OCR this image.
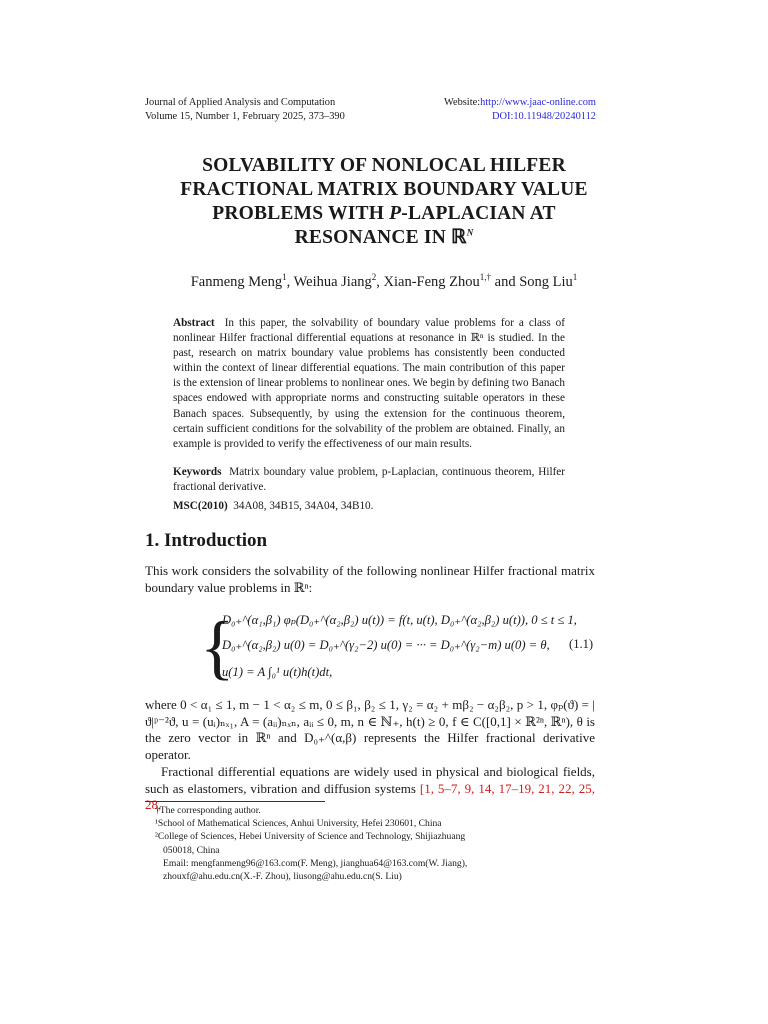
Journal of Applied Analysis and Computation
Volume 15, Number 1, February 2025, 373–390
Website:http://www.jaac-online.com
DOI:10.11948/20240112
SOLVABILITY OF NONLOCAL HILFER
FRACTIONAL MATRIX BOUNDARY VALUE
PROBLEMS WITH P-LAPLACIAN AT
RESONANCE IN ℝ$^N$
Fanmeng Meng$^1$, Weihua Jiang$^2$, Xian-Feng Zhou$^{1,\dagger}$ and Song Liu$^1$
Abstract In this paper, the solvability of boundary value problems for a class of nonlinear Hilfer fractional differential equations at resonance in ℝⁿ is studied. In the past, research on matrix boundary value problems has consistently been conducted within the context of linear differential equations. The main contribution of this paper is the extension of linear problems to nonlinear ones. We begin by defining two Banach spaces endowed with appropriate norms and constructing suitable operators in these Banach spaces. Subsequently, by using the extension for the continuous theorem, certain sufficient conditions for the solvability of the problem are obtained. Finally, an example is provided to verify the effectiveness of our main results.
Keywords Matrix boundary value problem, p-Laplacian, continuous theorem, Hilfer fractional derivative.
MSC(2010) 34A08, 34B15, 34A04, 34B10.
1. Introduction
This work considers the solvability of the following nonlinear Hilfer fractional matrix boundary value problems in ℝⁿ:
{
D₀₊^(α₁,β₁) φₚ(D₀₊^(α₂,β₂) u(t)) = f(t, u(t), D₀₊^(α₂,β₂) u(t)), 0 ≤ t ≤ 1,
D₀₊^(α₂,β₂) u(0) = D₀₊^(γ₂−2) u(0) = ··· = D₀₊^(γ₂−m) u(0) = θ,
u(1) = A ∫₀¹ u(t)h(t)dt,
(1.1)
where 0 < α₁ ≤ 1, m − 1 < α₂ ≤ m, 0 ≤ β₁, β₂ ≤ 1, γ₂ = α₂ + mβ₂ − α₂β₂, p > 1, φₚ(ϑ) = |ϑ|ᵖ⁻²ϑ, u = (uᵢ)ₙₓ₁, A = (aᵢᵢ)ₙₓₙ, aᵢᵢ ≤ 0, m, n ∈ ℕ₊, h(t) ≥ 0, f ∈ C([0,1] × ℝ²ⁿ, ℝⁿ), θ is the zero vector in ℝⁿ and D₀₊^(α,β) represents the Hilfer fractional derivative operator.
Fractional differential equations are widely used in physical and biological fields, such as elastomers, vibration and diffusion systems [1, 5–7, 9, 14, 17–19, 21, 22, 25, 28,
†The corresponding author.
¹School of Mathematical Sciences, Anhui University, Hefei 230601, China
²College of Sciences, Hebei University of Science and Technology, Shijiazhuang
050018, China
Email: mengfanmeng96@163.com(F. Meng), jianghua64@163.com(W. Jiang),
zhouxf@ahu.edu.cn(X.-F. Zhou), liusong@ahu.edu.cn(S. Liu)
